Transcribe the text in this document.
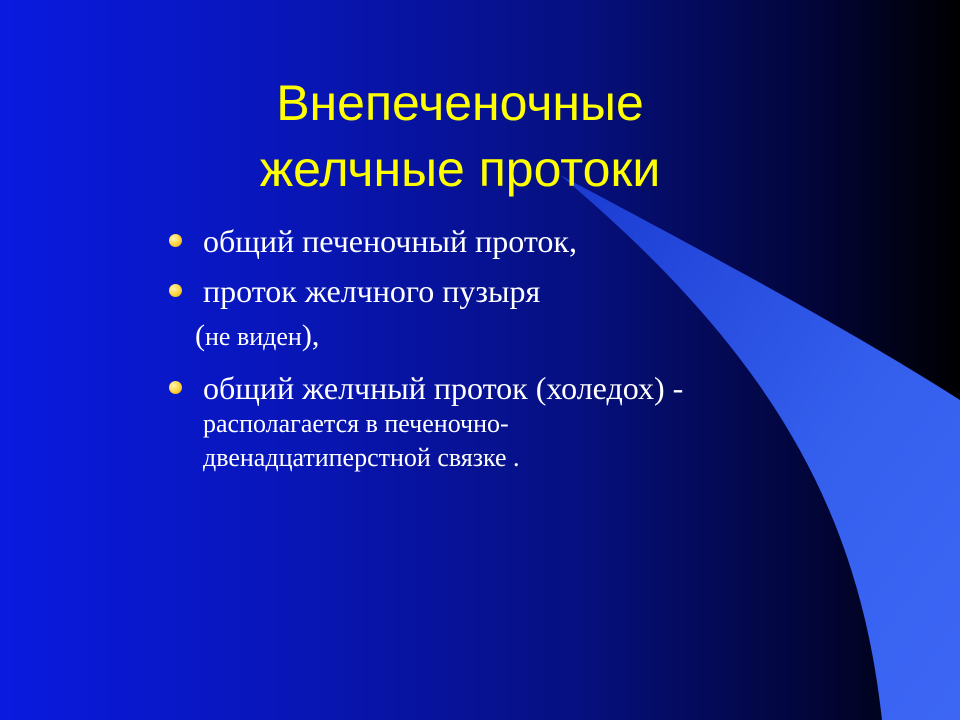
Внепеченочные
желчные протоки
общий печеночный проток,
проток желчного пузыря
(не виден),
общий желчный проток (холедох) -
располагается в печеночно-
двенадцатиперстной связке .
